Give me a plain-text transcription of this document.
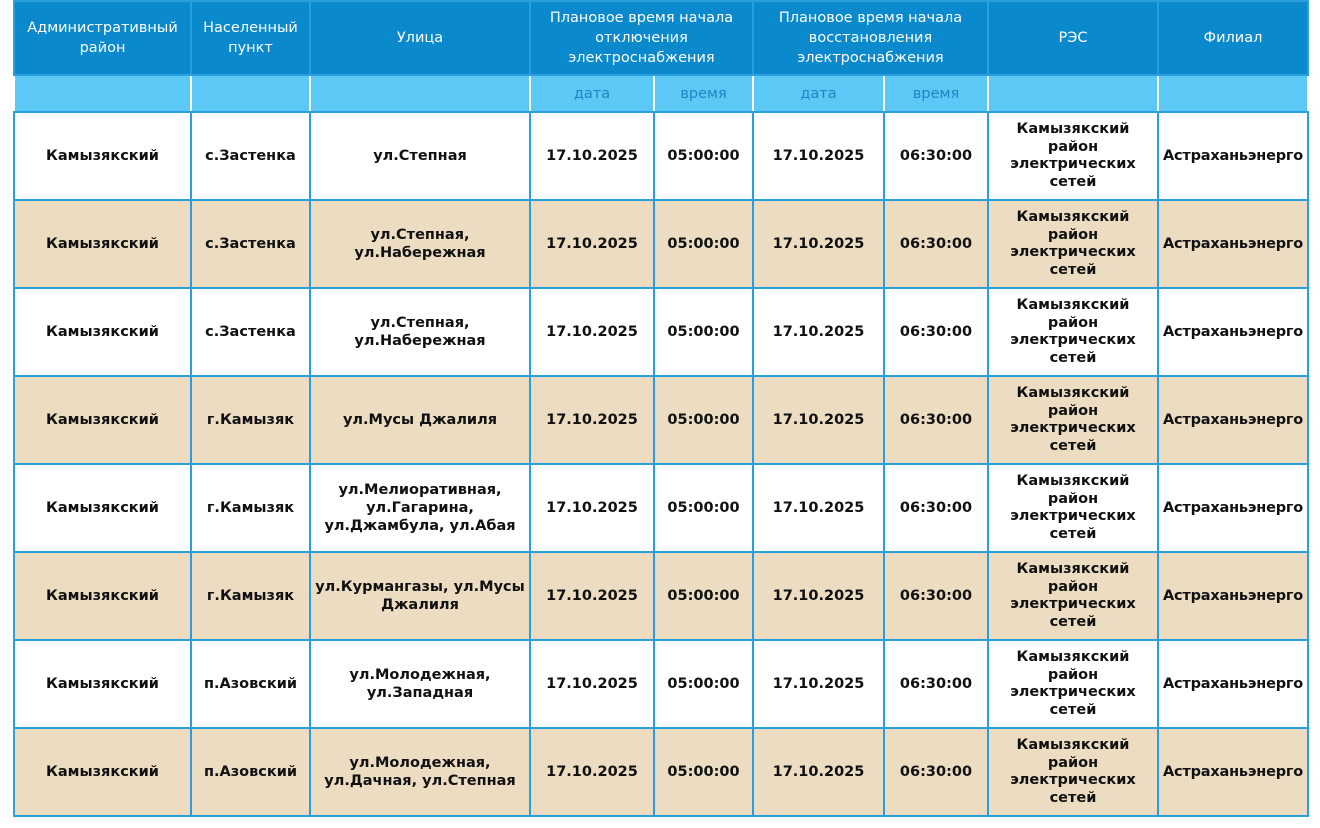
Административный район	Населенный пункт	Улица	Плановое время начала отключения электроснабжения		Плановое время начала восстановления электроснабжения		РЭС	Филиал
			дата	время	дата	время		
Камызякский	с.Застенка	ул.Степная	17.10.2025	05:00:00	17.10.2025	06:30:00	Камызякский район электрических сетей	Астраханьэнерго
Камызякский	с.Застенка	ул.Степная, ул.Набережная	17.10.2025	05:00:00	17.10.2025	06:30:00	Камызякский район электрических сетей	Астраханьэнерго
Камызякский	с.Застенка	ул.Степная, ул.Набережная	17.10.2025	05:00:00	17.10.2025	06:30:00	Камызякский район электрических сетей	Астраханьэнерго
Камызякский	г.Камызяк	ул.Мусы Джалиля	17.10.2025	05:00:00	17.10.2025	06:30:00	Камызякский район электрических сетей	Астраханьэнерго
Камызякский	г.Камызяк	ул.Мелиоративная, ул.Гагарина, ул.Джамбула, ул.Абая	17.10.2025	05:00:00	17.10.2025	06:30:00	Камызякский район электрических сетей	Астраханьэнерго
Камызякский	г.Камызяк	ул.Курмангазы, ул.Мусы Джалиля	17.10.2025	05:00:00	17.10.2025	06:30:00	Камызякский район электрических сетей	Астраханьэнерго
Камызякский	п.Азовский	ул.Молодежная, ул.Западная	17.10.2025	05:00:00	17.10.2025	06:30:00	Камызякский район электрических сетей	Астраханьэнерго
Камызякский	п.Азовский	ул.Молодежная, ул.Дачная, ул.Степная	17.10.2025	05:00:00	17.10.2025	06:30:00	Камызякский район электрических сетей	Астраханьэнерго
